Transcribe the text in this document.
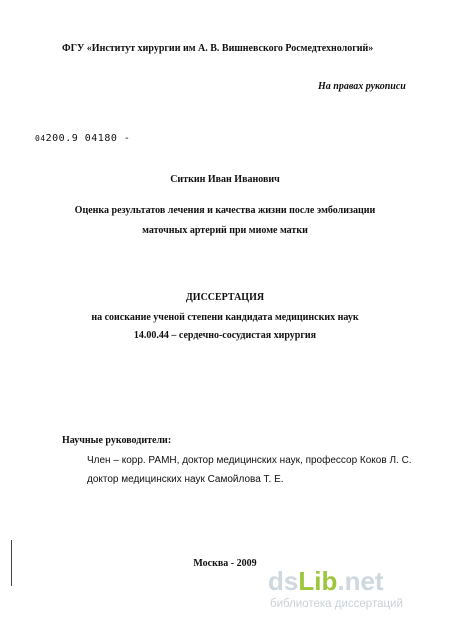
ФГУ «Институт хирургии им А. В. Вишневского Росмедтехнологий»
На правах рукописи
04200.9 04180 -
Ситкин Иван Иванович
Оценка результатов лечения и качества жизни после эмболизации
маточных артерий при миоме матки
ДИССЕРТАЦИЯ
на соискание ученой степени кандидата медицинских наук
14.00.44 – сердечно-сосудистая хирургия
Научные руководители:
Член – корр. РАМН, доктор медицинских наук, профессор Коков Л. С.
доктор медицинских наук Самойлова Т. Е.
Москва - 2009
dsLib.net
библиотека диссертаций
